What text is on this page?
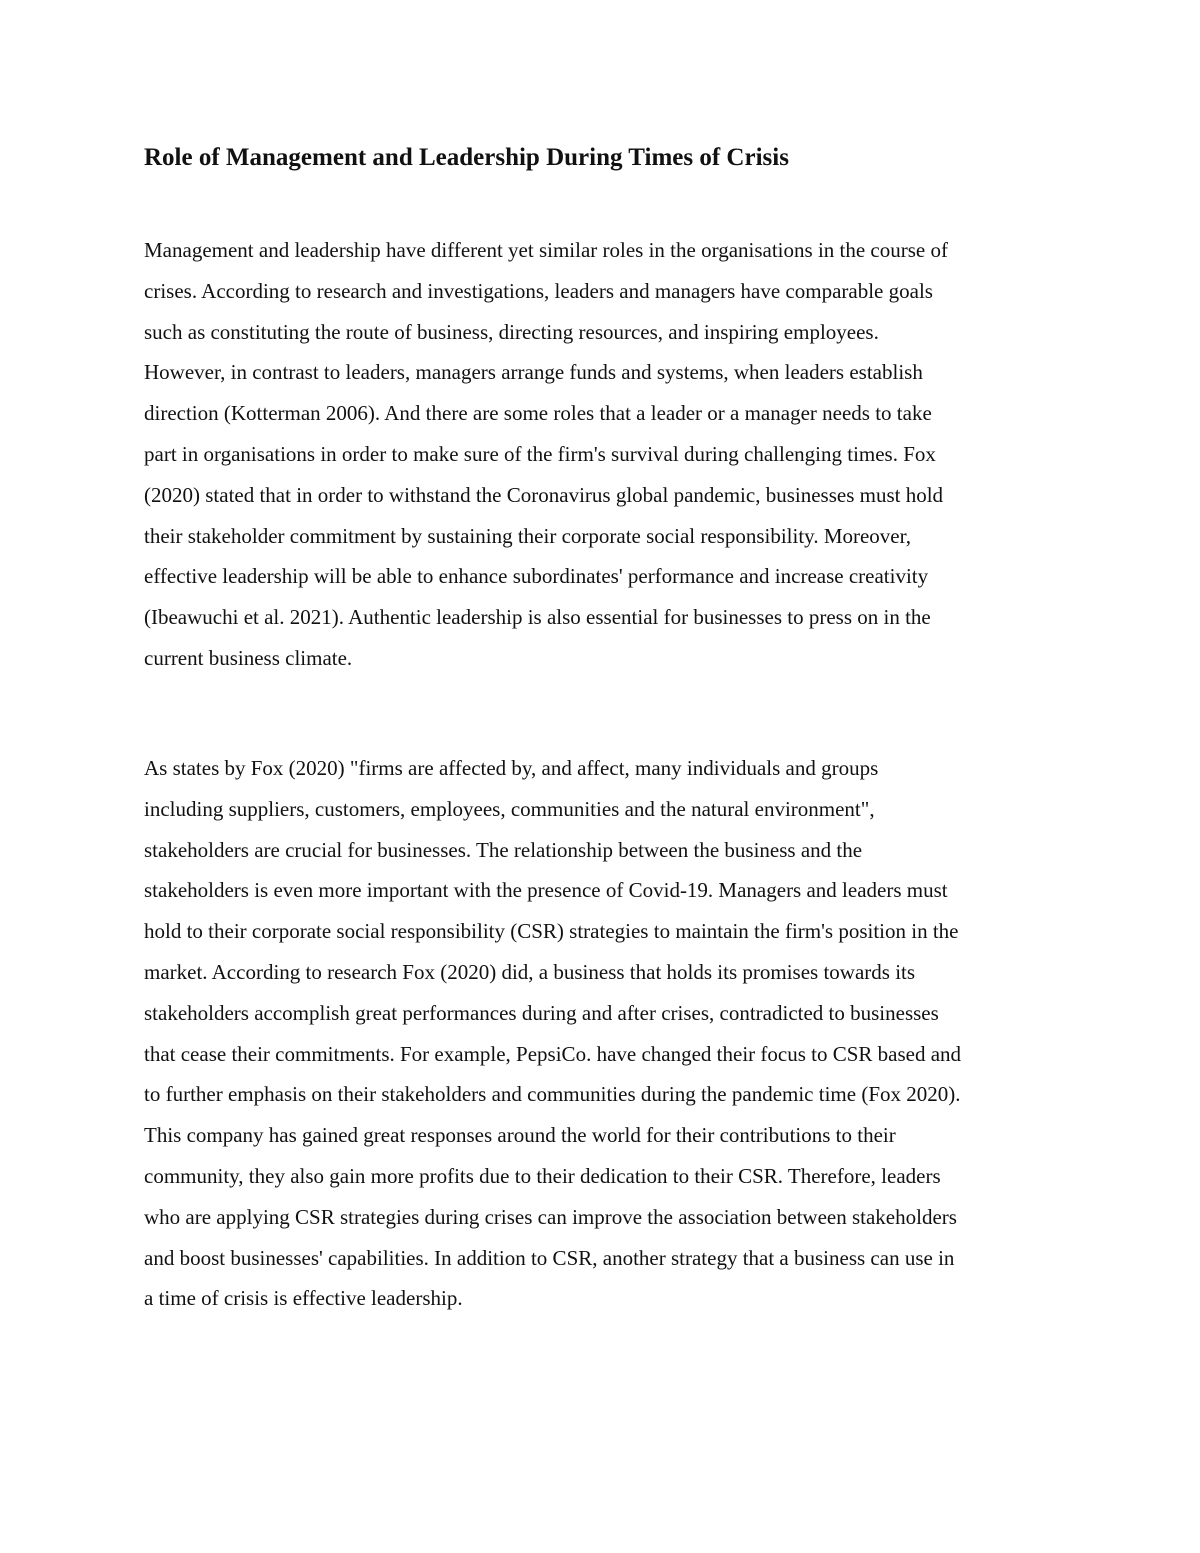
Role of Management and Leadership During Times of Crisis

Management and leadership have different yet similar roles in the organisations in the course of
crises. According to research and investigations, leaders and managers have comparable goals
such as constituting the route of business, directing resources, and inspiring employees.
However, in contrast to leaders, managers arrange funds and systems, when leaders establish
direction (Kotterman 2006). And there are some roles that a leader or a manager needs to take
part in organisations in order to make sure of the firm's survival during challenging times. Fox
(2020) stated that in order to withstand the Coronavirus global pandemic, businesses must hold
their stakeholder commitment by sustaining their corporate social responsibility. Moreover,
effective leadership will be able to enhance subordinates' performance and increase creativity
(Ibeawuchi et al. 2021). Authentic leadership is also essential for businesses to press on in the
current business climate.

As states by Fox (2020) "firms are affected by, and affect, many individuals and groups
including suppliers, customers, employees, communities and the natural environment",
stakeholders are crucial for businesses. The relationship between the business and the
stakeholders is even more important with the presence of Covid-19. Managers and leaders must
hold to their corporate social responsibility (CSR) strategies to maintain the firm's position in the
market. According to research Fox (2020) did, a business that holds its promises towards its
stakeholders accomplish great performances during and after crises, contradicted to businesses
that cease their commitments. For example, PepsiCo. have changed their focus to CSR based and
to further emphasis on their stakeholders and communities during the pandemic time (Fox 2020).
This company has gained great responses around the world for their contributions to their
community, they also gain more profits due to their dedication to their CSR. Therefore, leaders
who are applying CSR strategies during crises can improve the association between stakeholders
and boost businesses' capabilities. In addition to CSR, another strategy that a business can use in
a time of crisis is effective leadership.
